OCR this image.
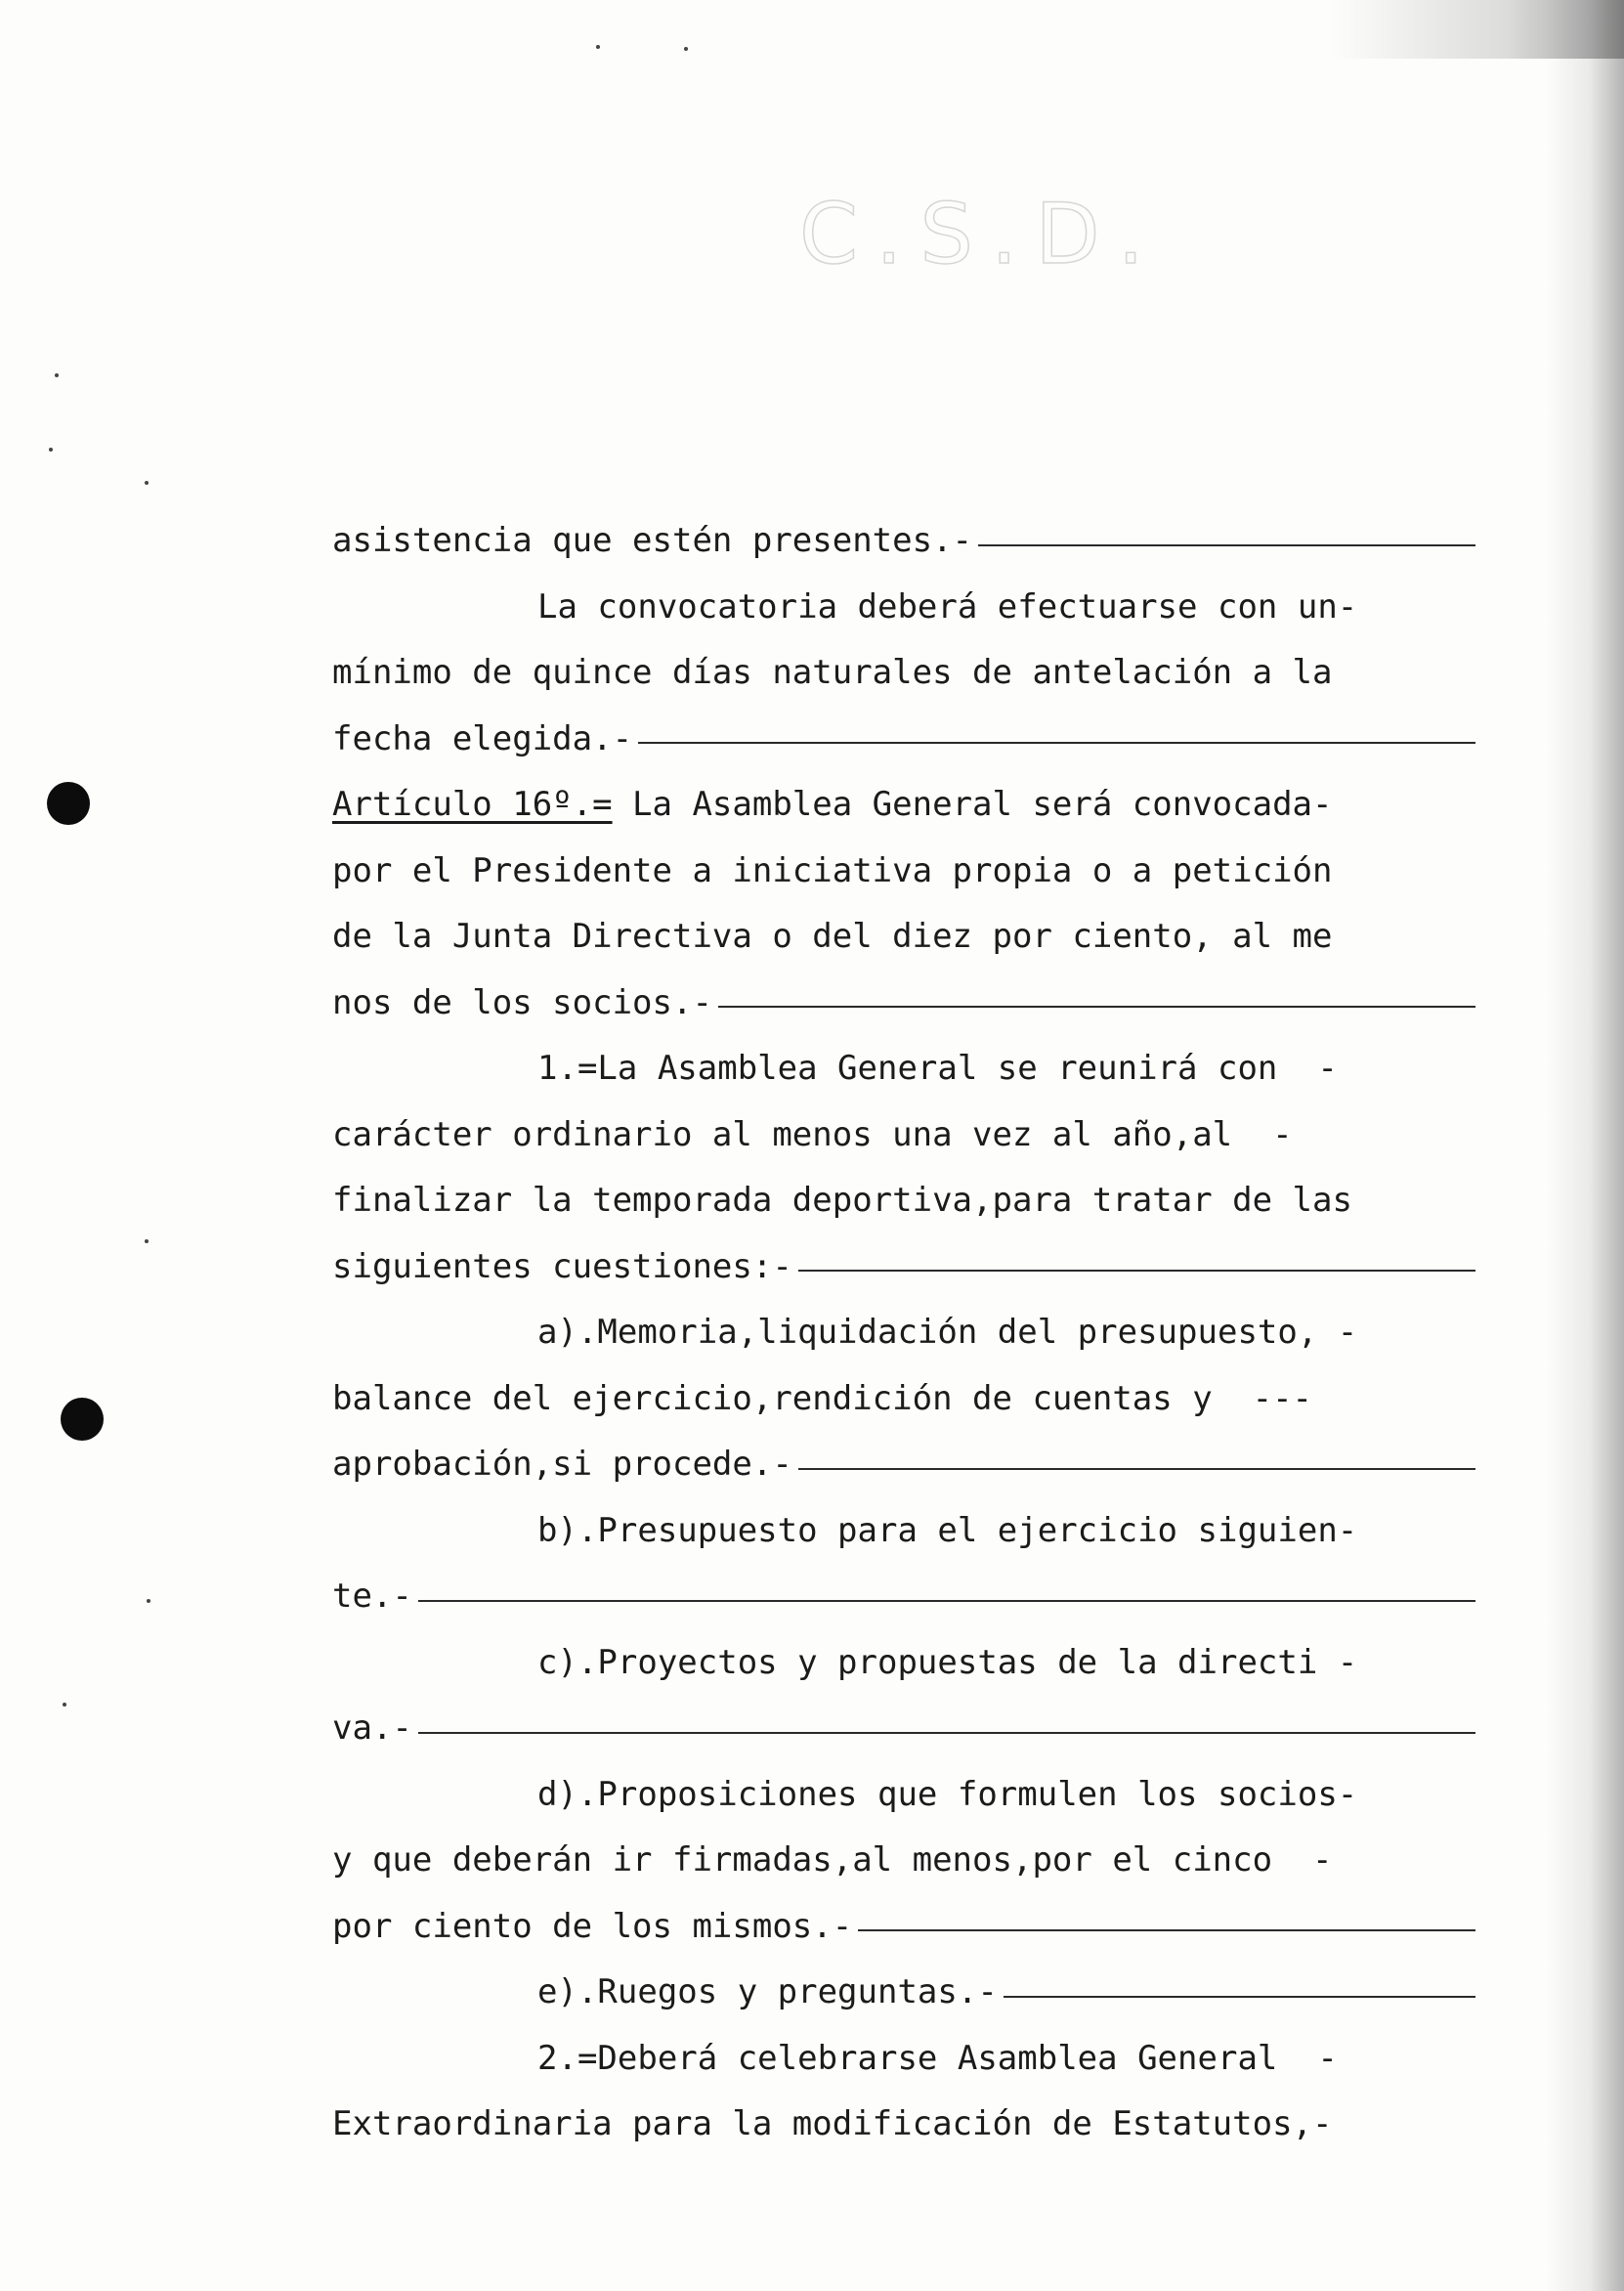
C.S.D.
asistencia que estén presentes.-
La convocatoria deberá efectuarse con un-
mínimo de quince días naturales de antelación a la
fecha elegida.-
Artículo 16º.= La Asamblea General será convocada-
por el Presidente a iniciativa propia o a petición
de la Junta Directiva o del diez por ciento, al me
nos de los socios.-
1.=La Asamblea General se reunirá con  -
carácter ordinario al menos una vez al año,al  -
finalizar la temporada deportiva,para tratar de las
siguientes cuestiones:-
a).Memoria,liquidación del presupuesto, -
balance del ejercicio,rendición de cuentas y  ---
aprobación,si procede.-
b).Presupuesto para el ejercicio siguien-
te.-
c).Proyectos y propuestas de la directi -
va.-
d).Proposiciones que formulen los socios-
y que deberán ir firmadas,al menos,por el cinco  -
por ciento de los mismos.-
e).Ruegos y preguntas.-
2.=Deberá celebrarse Asamblea General  -
Extraordinaria para la modificación de Estatutos,-
